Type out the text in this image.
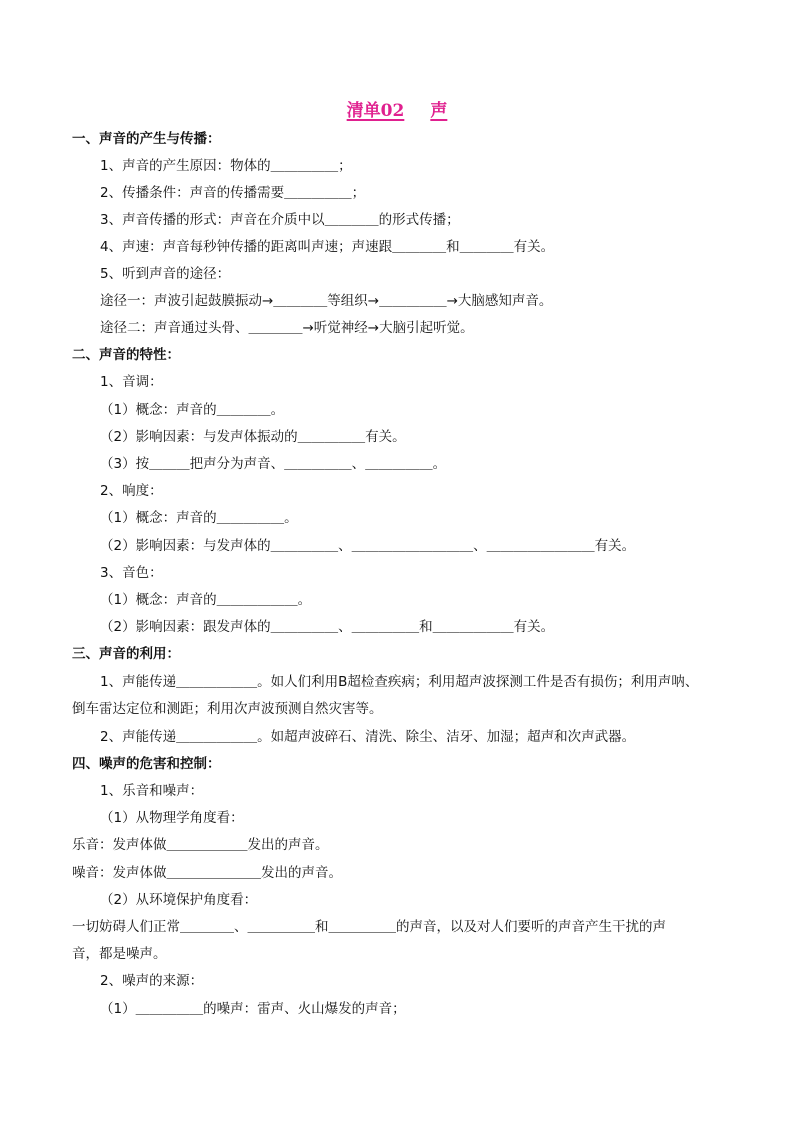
清单02 声
一、声音的产生与传播：
1、声音的产生原因：物体的＿＿＿＿＿；
2、传播条件：声音的传播需要＿＿＿＿＿；
3、声音传播的形式：声音在介质中以＿＿＿＿的形式传播；
4、声速：声音每秒钟传播的距离叫声速；声速跟＿＿＿＿和＿＿＿＿有关。
5、听到声音的途径：
途径一：声波引起鼓膜振动→＿＿＿＿等组织→＿＿＿＿＿→大脑感知声音。
途径二：声音通过头骨、＿＿＿＿→听觉神经→大脑引起听觉。
二、声音的特性：
1、音调：
（1）概念：声音的＿＿＿＿。
（2）影响因素：与发声体振动的＿＿＿＿＿有关。
（3）按＿＿＿把声分为声音、＿＿＿＿＿、＿＿＿＿＿。
2、响度：
（1）概念：声音的＿＿＿＿＿。
（2）影响因素：与发声体的＿＿＿＿＿、＿＿＿＿＿＿＿＿＿、＿＿＿＿＿＿＿＿有关。
3、音色：
（1）概念：声音的＿＿＿＿＿＿。
（2）影响因素：跟发声体的＿＿＿＿＿、＿＿＿＿＿和＿＿＿＿＿＿有关。
三、声音的利用：
1、声能传递＿＿＿＿＿＿。如人们利用B超检查疾病；利用超声波探测工件是否有损伤；利用声呐、
倒车雷达定位和测距；利用次声波预测自然灾害等。
2、声能传递＿＿＿＿＿＿。如超声波碎石、清洗、除尘、洁牙、加湿；超声和次声武器。
四、噪声的危害和控制：
1、乐音和噪声：
（1）从物理学角度看：
乐音：发声体做＿＿＿＿＿＿发出的声音。
噪音：发声体做＿＿＿＿＿＿＿发出的声音。
（2）从环境保护角度看：
一切妨碍人们正常＿＿＿＿、＿＿＿＿＿和＿＿＿＿＿的声音，以及对人们要听的声音产生干扰的声
音，都是噪声。
2、噪声的来源：
（1）＿＿＿＿＿的噪声：雷声、火山爆发的声音；
